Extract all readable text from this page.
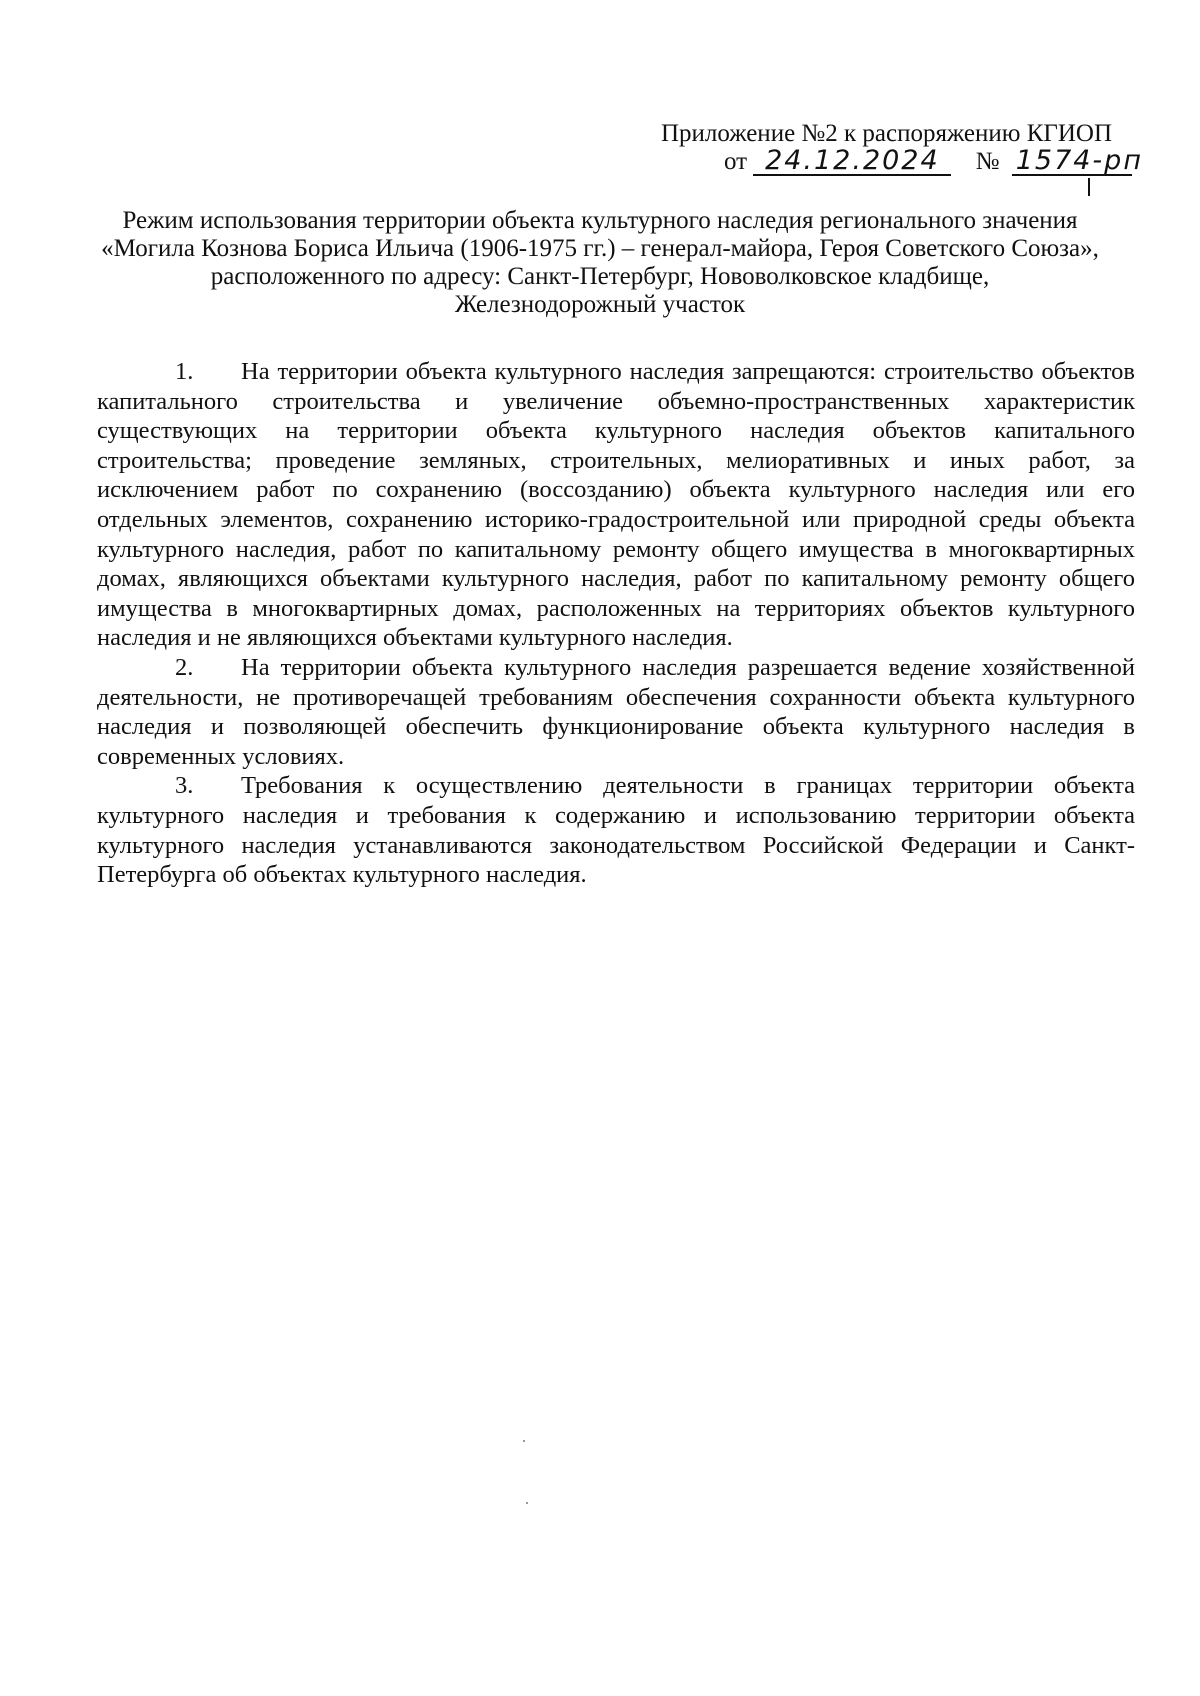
Приложение №2 к распоряжению КГИОП
от 24.12.2024 № 1574-рп
Режим использования территории объекта культурного наследия регионального значения
«Могила Кознова Бориса Ильича (1906-1975 гг.) – генерал-майора, Героя Советского Союза»,
расположенного по адресу: Санкт-Петербург, Нововолковское кладбище,
Железнодорожный участок

1. На территории объекта культурного наследия запрещаются: строительство объектов капитального строительства и увеличение объемно-пространственных характеристик существующих на территории объекта культурного наследия объектов капитального строительства; проведение земляных, строительных, мелиоративных и иных работ, за исключением работ по сохранению (воссозданию) объекта культурного наследия или его отдельных элементов, сохранению историко-градостроительной или природной среды объекта культурного наследия, работ по капитальному ремонту общего имущества в многоквартирных домах, являющихся объектами культурного наследия, работ по капитальному ремонту общего имущества в многоквартирных домах, расположенных на территориях объектов культурного наследия и не являющихся объектами культурного наследия.

2. На территории объекта культурного наследия разрешается ведение хозяйственной деятельности, не противоречащей требованиям обеспечения сохранности объекта культурного наследия и позволяющей обеспечить функционирование объекта культурного наследия в современных условиях.

3. Требования к осуществлению деятельности в границах территории объекта культурного наследия и требования к содержанию и использованию территории объекта культурного наследия устанавливаются законодательством Российской Федерации и Санкт-Петербурга об объектах культурного наследия.
